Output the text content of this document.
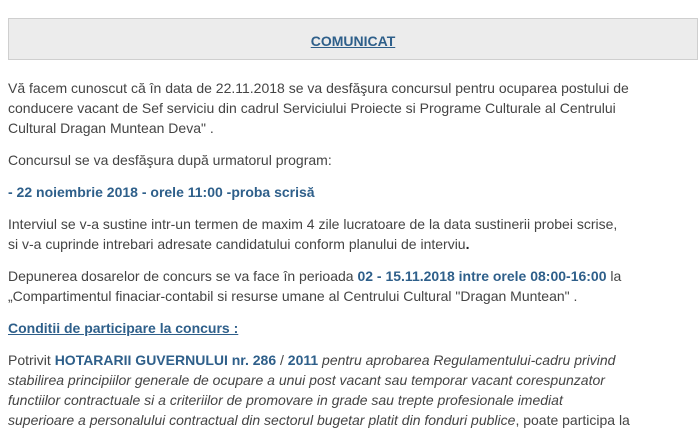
COMUNICAT

Vă facem cunoscut că în data de 22.11.2018 se va desfăşura concursul pentru ocuparea postului de

conducere vacant de Sef serviciu din cadrul Serviciului Proiecte si Programe Culturale al Centrului

Cultural Dragan Muntean Deva" .

Concursul se va desfăşura după urmatorul program:

- 22 noiembrie 2018 - orele 11:00 -proba scrisă

Interviul se v-a sustine intr-un termen de maxim 4 zile lucratoare de la data sustinerii probei scrise,

si v-a cuprinde intrebari adresate candidatului conform planului de interviu.

Depunerea dosarelor de concurs se va face în perioada 02 - 15.11.2018 intre orele 08:00-16:00 la

„Compartimentul finaciar-contabil si resurse umane al Centrului Cultural "Dragan Muntean" .

Conditii de participare la concurs :

Potrivit HOTARARII GUVERNULUI nr. 286 / 2011 pentru aprobarea Regulamentului-cadru privind

stabilirea principiilor generale de ocupare a unui post vacant sau temporar vacant corespunzator

functiilor contractuale si a criteriilor de promovare in grade sau trepte profesionale imediat

superioare a personalului contractual din sectorul bugetar platit din fonduri publice, poate participa la
